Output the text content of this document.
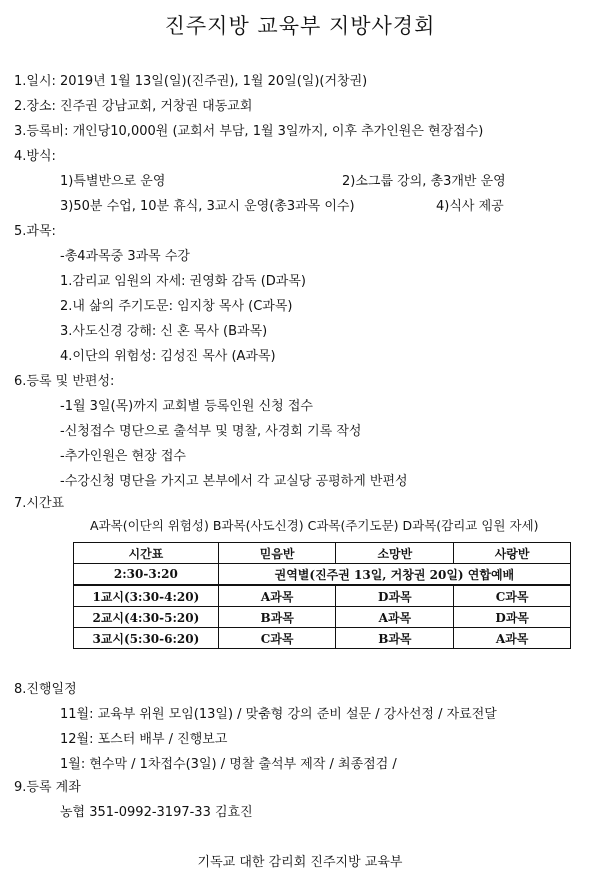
진주지방 교육부 지방사경회
1.일시: 2019년 1월 13일(일)(진주권), 1월 20일(일)(거창권)
2.장소: 진주권 강남교회, 거창권 대동교회
3.등록비: 개인당10,000원 (교회서 부담, 1월 3일까지, 이후 추가인원은 현장접수)
4.방식:
1)특별반으로 운영	2)소그룹 강의, 총3개반 운영
3)50분 수업, 10분 휴식, 3교시 운영(총3과목 이수)	4)식사 제공
5.과목:
-총4과목중 3과목 수강
1.감리교 임원의 자세: 권영화 감독 (D과목)
2.내 삶의 주기도문: 임지창 목사 (C과목)
3.사도신경 강해: 신 혼 목사 (B과목)
4.이단의 위험성: 김성진 목사 (A과목)
6.등록 및 반편성:
-1월 3일(목)까지 교회별 등록인원 신청 접수
-신청접수 명단으로 출석부 및 명찰, 사경회 기록 작성
-추가인원은 현장 접수
-수강신청 명단을 가지고 본부에서 각 교실당 공평하게 반편성
7.시간표
A과목(이단의 위험성) B과목(사도신경) C과목(주기도문) D과목(감리교 임원 자세)
시간표	믿음반	소망반	사랑반
2:30-3:20	권역별(진주권 13일, 거창권 20일) 연합예배		
1교시(3:30-4:20)	A과목	D과목	C과목
2교시(4:30-5:20)	B과목	A과목	D과목
3교시(5:30-6:20)	C과목	B과목	A과목
8.진행일정
11월: 교육부 위원 모임(13일) / 맞춤형 강의 준비 설문 / 강사선정 / 자료전달
12월: 포스터 배부 / 진행보고
1월: 현수막 / 1차접수(3일) / 명찰 출석부 제작 / 최종점검 /
9.등록 계좌
농협 351-0992-3197-33 김효진
기독교 대한 감리회 진주지방 교육부
